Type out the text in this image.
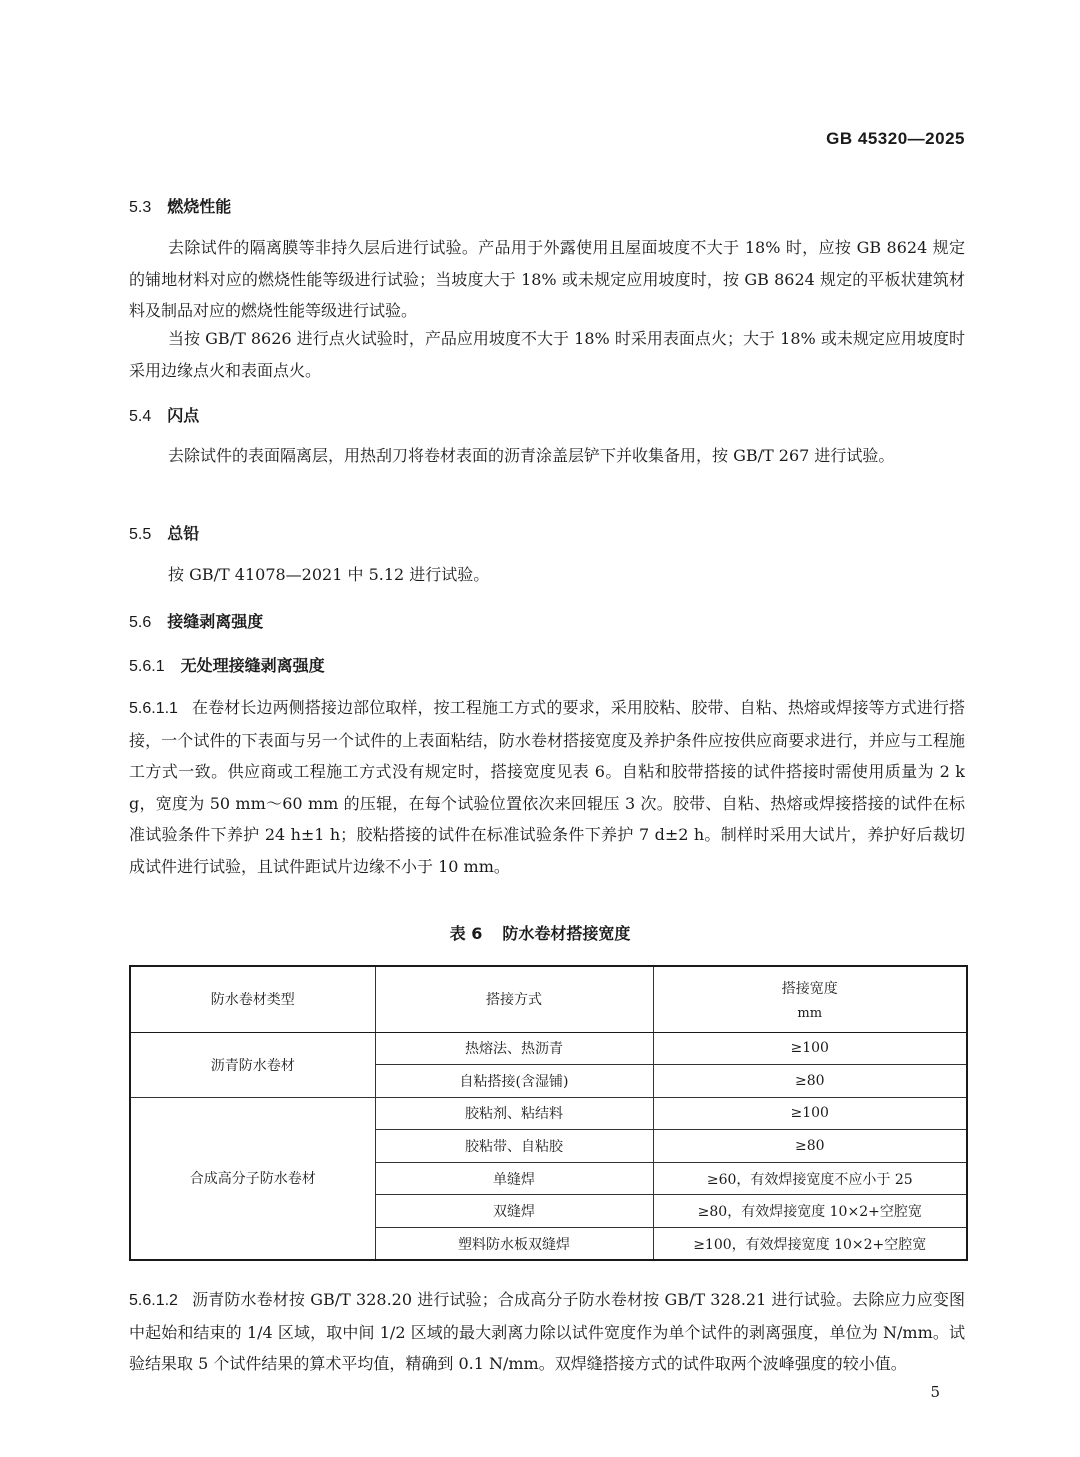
GB 45320—2025
5.3 燃烧性能

去除试件的隔离膜等非持久层后进行试验。产品用于外露使用且屋面坡度不大于 18% 时，应按 GB 8624 规定的铺地材料对应的燃烧性能等级进行试验；当坡度大于 18% 或未规定应用坡度时，按 GB 8624 规定的平板状建筑材料及制品对应的燃烧性能等级进行试验。

当按 GB/T 8626 进行点火试验时，产品应用坡度不大于 18% 时采用表面点火；大于 18% 或未规定应用坡度时采用边缘点火和表面点火。

5.4 闪点

去除试件的表面隔离层，用热刮刀将卷材表面的沥青涂盖层铲下并收集备用，按 GB/T 267 进行试验。

5.5 总铅

按 GB/T 41078—2021 中 5.12 进行试验。

5.6 接缝剥离强度
5.6.1 无处理接缝剥离强度

5.6.1.1 在卷材长边两侧搭接边部位取样，按工程施工方式的要求，采用胶粘、胶带、自粘、热熔或焊接等方式进行搭接，一个试件的下表面与另一个试件的上表面粘结，防水卷材搭接宽度及养护条件应按供应商要求进行，并应与工程施工方式一致。供应商或工程施工方式没有规定时，搭接宽度见表 6。自粘和胶带搭接的试件搭接时需使用质量为 2 kg，宽度为 50 mm～60 mm 的压辊，在每个试验位置依次来回辊压 3 次。胶带、自粘、热熔或焊接搭接的试件在标准试验条件下养护 24 h±1 h；胶粘搭接的试件在标准试验条件下养护 7 d±2 h。制样时采用大试片，养护好后裁切成试件进行试验，且试件距试片边缘不小于 10 mm。

表 6 防水卷材搭接宽度
防水卷材类型	搭接方式	搭接宽度
mm

沥青防水卷材	热熔法、热沥青	≥100
	自粘搭接(含湿铺)	≥80
合成高分子防水卷材	胶粘剂、粘结料	≥100
	胶粘带、自粘胶	≥80
	单缝焊	≥60，有效焊接宽度不应小于 25
	双缝焊	≥80，有效焊接宽度 10×2+空腔宽
	塑料防水板双缝焊	≥100，有效焊接宽度 10×2+空腔宽

5.6.1.2 沥青防水卷材按 GB/T 328.20 进行试验；合成高分子防水卷材按 GB/T 328.21 进行试验。去除应力应变图中起始和结束的 1/4 区域，取中间 1/2 区域的最大剥离力除以试件宽度作为单个试件的剥离强度，单位为 N/mm。试验结果取 5 个试件结果的算术平均值，精确到 0.1 N/mm。双焊缝搭接方式的试件取两个波峰强度的较小值。

5
